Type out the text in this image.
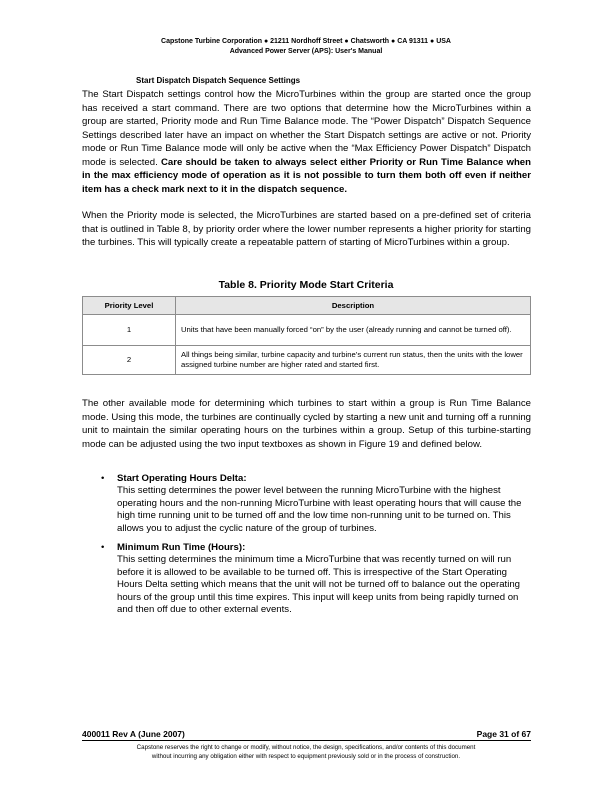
Capstone Turbine Corporation ● 21211 Nordhoff Street ● Chatsworth ● CA 91311 ● USA
Advanced Power Server (APS): User's Manual
Start Dispatch Dispatch Sequence Settings

The Start Dispatch settings control how the MicroTurbines within the group are started once the group has received a start command. There are two options that determine how the MicroTurbines within a group are started, Priority mode and Run Time Balance mode. The “Power Dispatch” Dispatch Sequence Settings described later have an impact on whether the Start Dispatch settings are active or not. Priority mode or Run Time Balance mode will only be active when the “Max Efficiency Power Dispatch” Dispatch mode is selected. Care should be taken to always select either Priority or Run Time Balance when in the max efficiency mode of operation as it is not possible to turn them both off even if neither item has a check mark next to it in the dispatch sequence.

When the Priority mode is selected, the MicroTurbines are started based on a pre-defined set of criteria that is outlined in Table 8, by priority order where the lower number represents a higher priority for starting the turbines. This will typically create a repeatable pattern of starting of MicroTurbines within a group.

Table 8. Priority Mode Start Criteria
Priority Level	Description
1	Units that have been manually forced “on” by the user (already running and cannot be turned off).
2	All things being similar, turbine capacity and turbine’s current run status, then the units with the lower assigned turbine number are higher rated and started first.

The other available mode for determining which turbines to start within a group is Run Time Balance mode. Using this mode, the turbines are continually cycled by starting a new unit and turning off a running unit to maintain the similar operating hours on the turbines within a group. Setup of this turbine-starting mode can be adjusted using the two input textboxes as shown in Figure 19 and defined below.

• Start Operating Hours Delta:
This setting determines the power level between the running MicroTurbine with the highest operating hours and the non-running MicroTurbine with least operating hours that will cause the high time running unit to be turned off and the low time non-running unit to be turned on. This allows you to adjust the cyclic nature of the group of turbines.
• Minimum Run Time (Hours):
This setting determines the minimum time a MicroTurbine that was recently turned on will run before it is allowed to be available to be turned off. This is irrespective of the Start Operating Hours Delta setting which means that the unit will not be turned off to balance out the operating hours of the group until this time expires. This input will keep units from being rapidly turned on and then off due to other external events.
400011 Rev A (June 2007)	Page 31 of 67
Capstone reserves the right to change or modify, without notice, the design, specifications, and/or contents of this document
without incurring any obligation either with respect to equipment previously sold or in the process of construction.
